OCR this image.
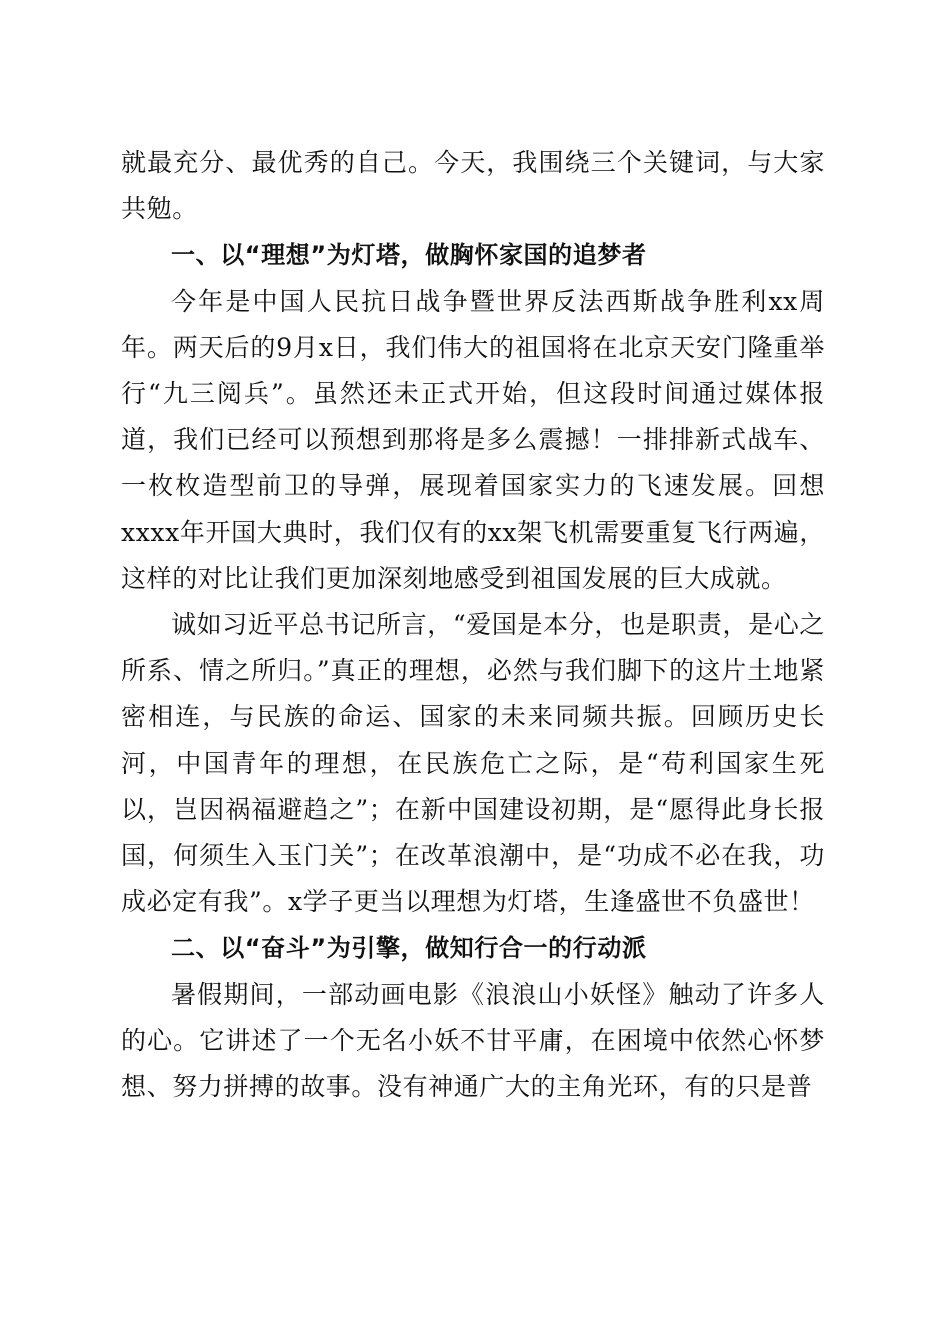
就最充分、最优秀的自己。今天，我围绕三个关键词，与大家共勉。

一、以“理想”为灯塔，做胸怀家国的追梦者

今年是中国人民抗日战争暨世界反法西斯战争胜利xx周年。两天后的9月x日，我们伟大的祖国将在北京天安门隆重举行“九三阅兵”。虽然还未正式开始，但这段时间通过媒体报道，我们已经可以预想到那将是多么震撼！一排排新式战车、一枚枚造型前卫的导弹，展现着国家实力的飞速发展。回想xxxx年开国大典时，我们仅有的xx架飞机需要重复飞行两遍，这样的对比让我们更加深刻地感受到祖国发展的巨大成就。

诚如习近平总书记所言，“爱国是本分，也是职责，是心之所系、情之所归。”真正的理想，必然与我们脚下的这片土地紧密相连，与民族的命运、国家的未来同频共振。回顾历史长河，中国青年的理想，在民族危亡之际，是“苟利国家生死以，岂因祸福避趋之”；在新中国建设初期，是“愿得此身长报国，何须生入玉门关”；在改革浪潮中，是“功成不必在我，功成必定有我”。x学子更当以理想为灯塔，生逢盛世不负盛世！

二、以“奋斗”为引擎，做知行合一的行动派

暑假期间，一部动画电影《浪浪山小妖怪》触动了许多人的心。它讲述了一个无名小妖不甘平庸，在困境中依然心怀梦想、努力拼搏的故事。没有神通广大的主角光环，有的只是普
